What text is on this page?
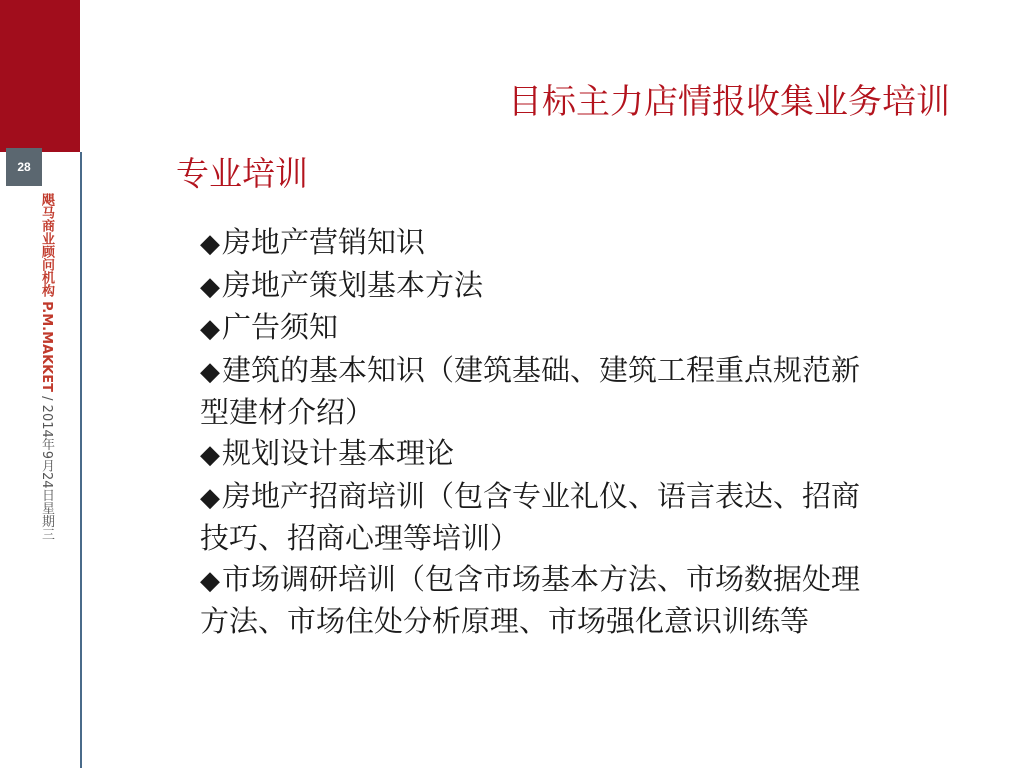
28
飓马商业顾问机构 P.M.MAKKET / 2014年9月24日星期三
目标主力店情报收集业务培训
专业培训

◆房地产营销知识

◆房地产策划基本方法

◆广告须知

◆建筑的基本知识（建筑基础、建筑工程重点规范新型建材介绍）

◆规划设计基本理论

◆房地产招商培训（包含专业礼仪、语言表达、招商技巧、招商心理等培训）

◆市场调研培训（包含市场基本方法、市场数据处理方法、市场住处分析原理、市场强化意识训练等
